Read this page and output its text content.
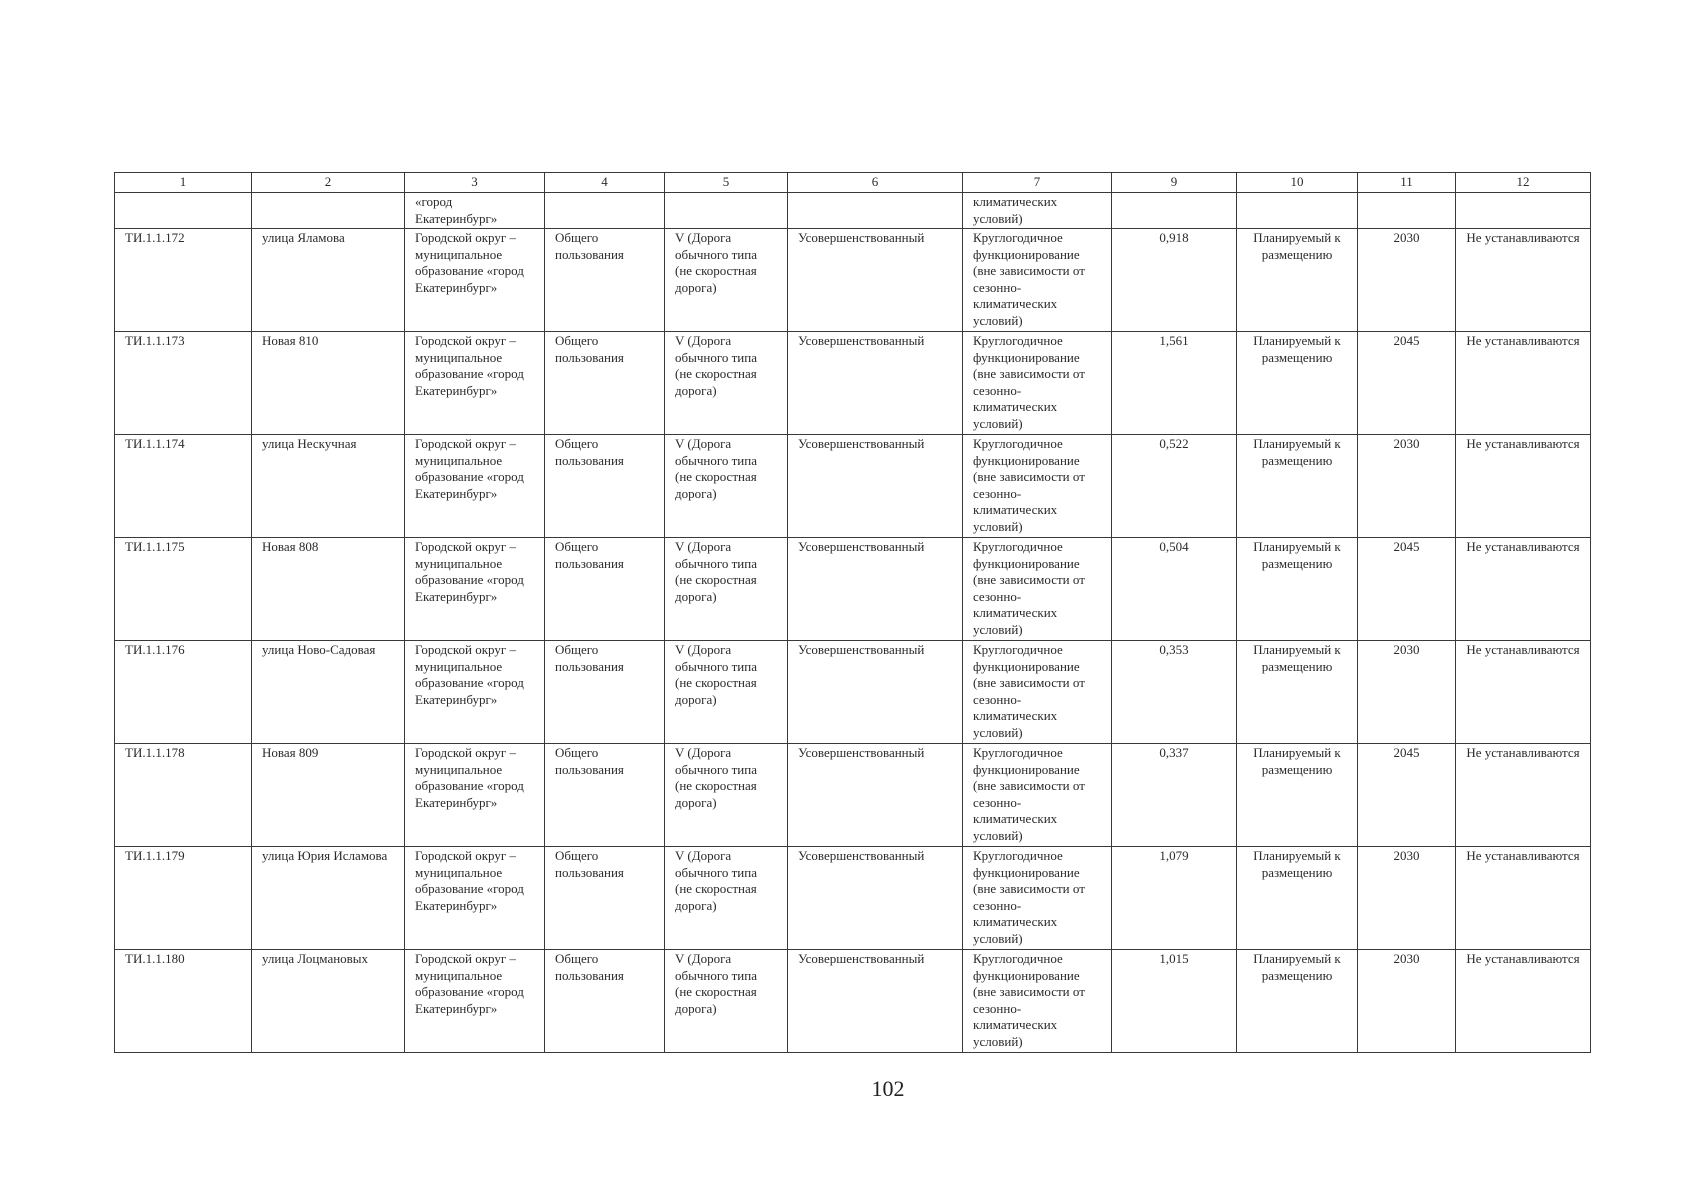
1	2	3	4	5	6	7	9	10	11	12
		«город Екатеринбург»				климатических условий)				
ТИ.1.1.172	улица Яламова	Городской округ – муниципальное образование «город Екатеринбург»	Общего пользования	V (Дорога обычного типа (не скоростная дорога)	Усовершенствованный	Круглогодичное функционирование (вне зависимости от сезонно-климатических условий)	0,918	Планируемый к размещению	2030	Не устанавливаются
ТИ.1.1.173	Новая 810	Городской округ – муниципальное образование «город Екатеринбург»	Общего пользования	V (Дорога обычного типа (не скоростная дорога)	Усовершенствованный	Круглогодичное функционирование (вне зависимости от сезонно-климатических условий)	1,561	Планируемый к размещению	2045	Не устанавливаются
ТИ.1.1.174	улица Нескучная	Городской округ – муниципальное образование «город Екатеринбург»	Общего пользования	V (Дорога обычного типа (не скоростная дорога)	Усовершенствованный	Круглогодичное функционирование (вне зависимости от сезонно-климатических условий)	0,522	Планируемый к размещению	2030	Не устанавливаются
ТИ.1.1.175	Новая 808	Городской округ – муниципальное образование «город Екатеринбург»	Общего пользования	V (Дорога обычного типа (не скоростная дорога)	Усовершенствованный	Круглогодичное функционирование (вне зависимости от сезонно-климатических условий)	0,504	Планируемый к размещению	2045	Не устанавливаются
ТИ.1.1.176	улица Ново-Садовая	Городской округ – муниципальное образование «город Екатеринбург»	Общего пользования	V (Дорога обычного типа (не скоростная дорога)	Усовершенствованный	Круглогодичное функционирование (вне зависимости от сезонно-климатических условий)	0,353	Планируемый к размещению	2030	Не устанавливаются
ТИ.1.1.178	Новая 809	Городской округ – муниципальное образование «город Екатеринбург»	Общего пользования	V (Дорога обычного типа (не скоростная дорога)	Усовершенствованный	Круглогодичное функционирование (вне зависимости от сезонно-климатических условий)	0,337	Планируемый к размещению	2045	Не устанавливаются
ТИ.1.1.179	улица Юрия Исламова	Городской округ – муниципальное образование «город Екатеринбург»	Общего пользования	V (Дорога обычного типа (не скоростная дорога)	Усовершенствованный	Круглогодичное функционирование (вне зависимости от сезонно-климатических условий)	1,079	Планируемый к размещению	2030	Не устанавливаются
ТИ.1.1.180	улица Лоцмановых	Городской округ – муниципальное образование «город Екатеринбург»	Общего пользования	V (Дорога обычного типа (не скоростная дорога)	Усовершенствованный	Круглогодичное функционирование (вне зависимости от сезонно-климатических условий)	1,015	Планируемый к размещению	2030	Не устанавливаются
102
